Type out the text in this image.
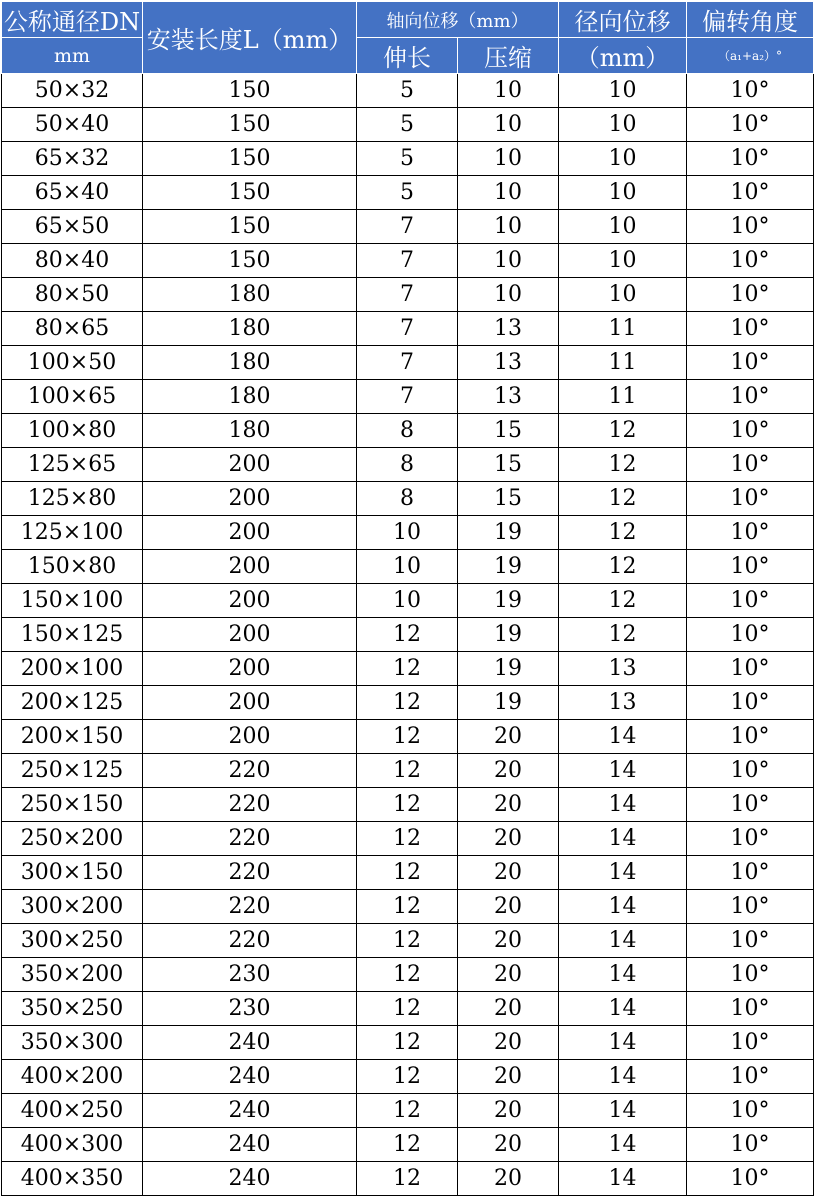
公称通径DN	安装长度L（mm）	轴向位移（mm）		径向位移	偏转角度
mm		伸长	压缩	（mm）	（a₁+a₂）°
50×32	150	5	10	10	10°
50×40	150	5	10	10	10°
65×32	150	5	10	10	10°
65×40	150	5	10	10	10°
65×50	150	7	10	10	10°
80×40	150	7	10	10	10°
80×50	180	7	10	10	10°
80×65	180	7	13	11	10°
100×50	180	7	13	11	10°
100×65	180	7	13	11	10°
100×80	180	8	15	12	10°
125×65	200	8	15	12	10°
125×80	200	8	15	12	10°
125×100	200	10	19	12	10°
150×80	200	10	19	12	10°
150×100	200	10	19	12	10°
150×125	200	12	19	12	10°
200×100	200	12	19	13	10°
200×125	200	12	19	13	10°
200×150	200	12	20	14	10°
250×125	220	12	20	14	10°
250×150	220	12	20	14	10°
250×200	220	12	20	14	10°
300×150	220	12	20	14	10°
300×200	220	12	20	14	10°
300×250	220	12	20	14	10°
350×200	230	12	20	14	10°
350×250	230	12	20	14	10°
350×300	240	12	20	14	10°
400×200	240	12	20	14	10°
400×250	240	12	20	14	10°
400×300	240	12	20	14	10°
400×350	240	12	20	14	10°
